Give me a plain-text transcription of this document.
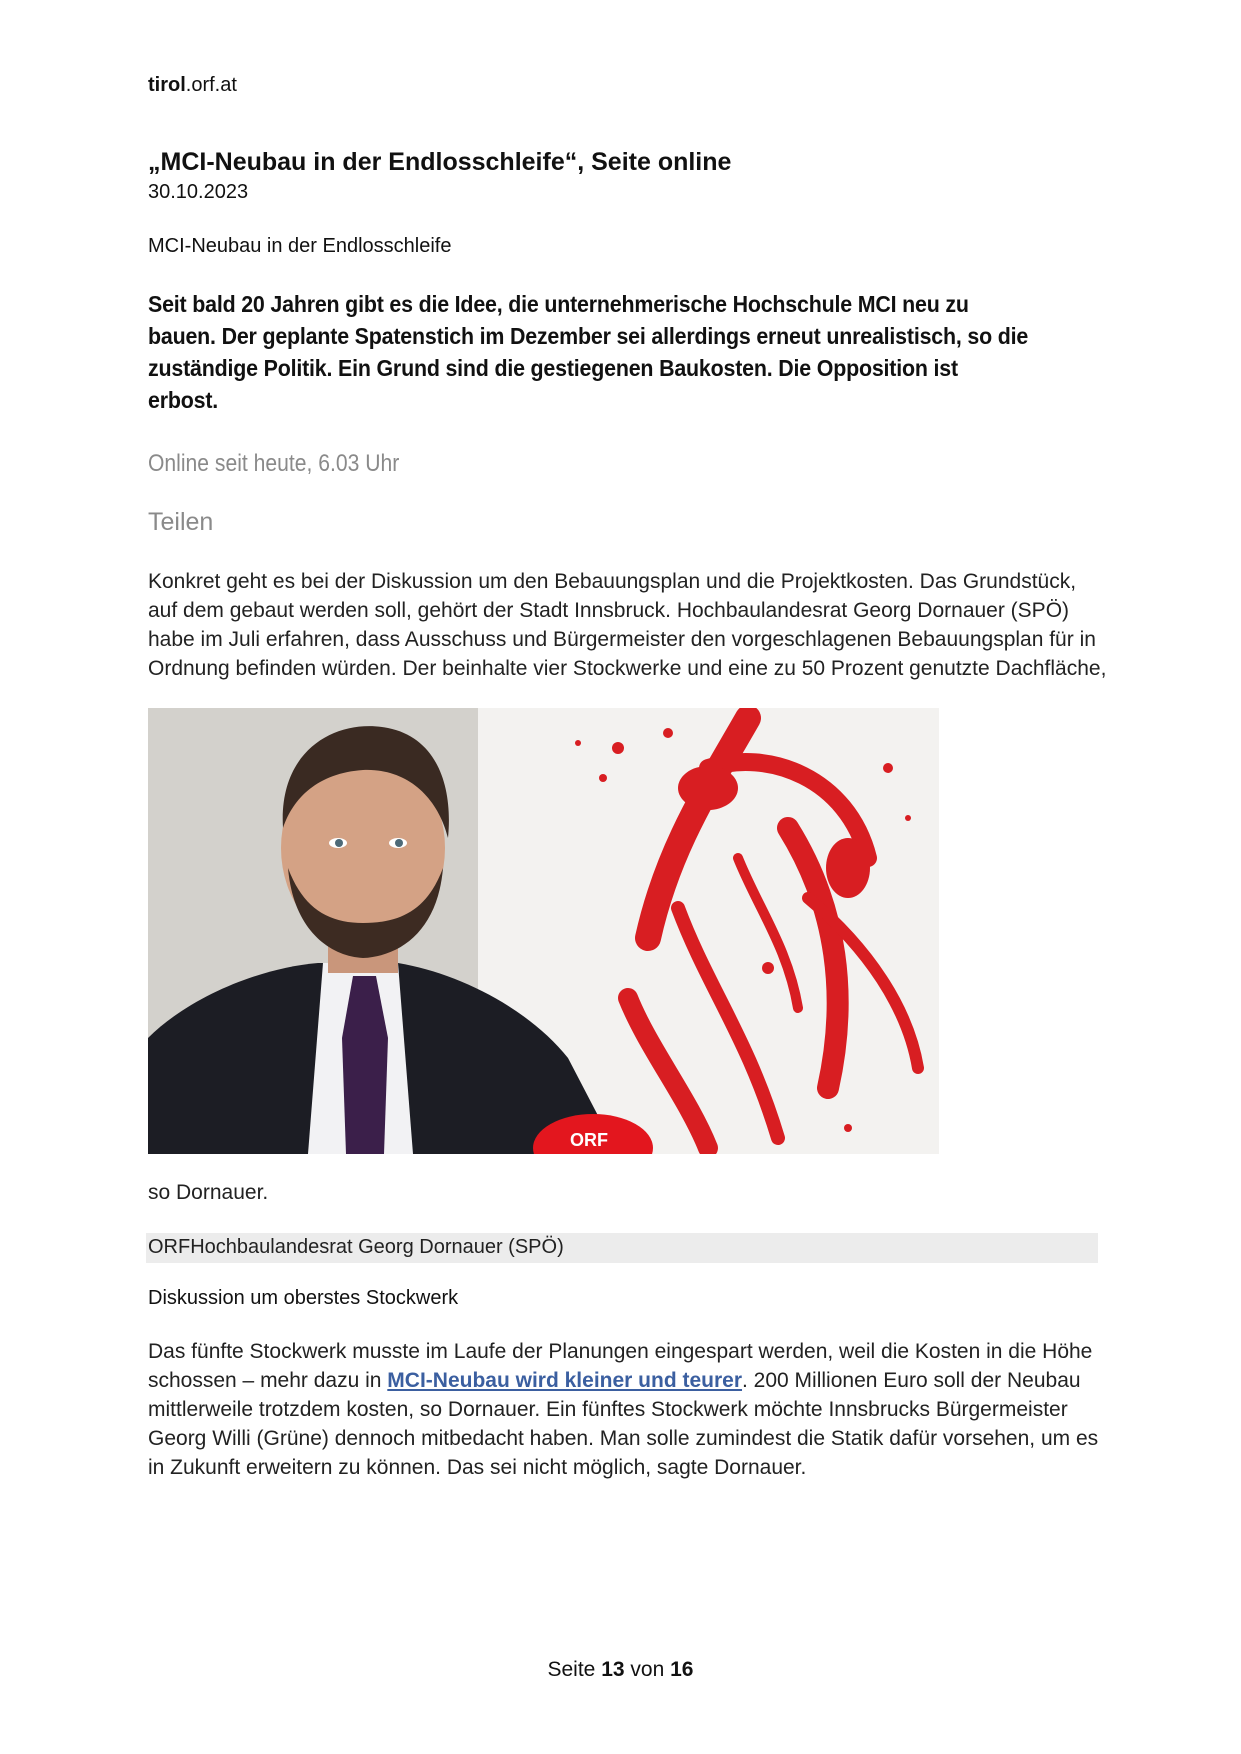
tirol.orf.at
„MCI-Neubau in der Endlosschleife“, Seite online
30.10.2023
MCI-Neubau in der Endlosschleife
Seit bald 20 Jahren gibt es die Idee, die unternehmerische Hochschule MCI neu zu bauen. Der geplante Spatenstich im Dezember sei allerdings erneut unrealistisch, so die zuständige Politik. Ein Grund sind die gestiegenen Baukosten. Die Opposition ist erbost.
Online seit heute, 6.03 Uhr
Teilen
Konkret geht es bei der Diskussion um den Bebauungsplan und die Projektkosten. Das Grundstück, auf dem gebaut werden soll, gehört der Stadt Innsbruck. Hochbaulandesrat Georg Dornauer (SPÖ) habe im Juli erfahren, dass Ausschuss und Bürgermeister den vorgeschlagenen Bebauungsplan für in Ordnung befinden würden. Der beinhalte vier Stockwerke und eine zu 50 Prozent genutzte Dachfläche,
ORF
so Dornauer.
ORFHochbaulandesrat Georg Dornauer (SPÖ)
Diskussion um oberstes Stockwerk
Das fünfte Stockwerk musste im Laufe der Planungen eingespart werden, weil die Kosten in die Höhe schossen – mehr dazu in MCI-Neubau wird kleiner und teurer. 200 Millionen Euro soll der Neubau mittlerweile trotzdem kosten, so Dornauer. Ein fünftes Stockwerk möchte Innsbrucks Bürgermeister Georg Willi (Grüne) dennoch mitbedacht haben. Man solle zumindest die Statik dafür vorsehen, um es in Zukunft erweitern zu können. Das sei nicht möglich, sagte Dornauer.
Seite 13 von 16
